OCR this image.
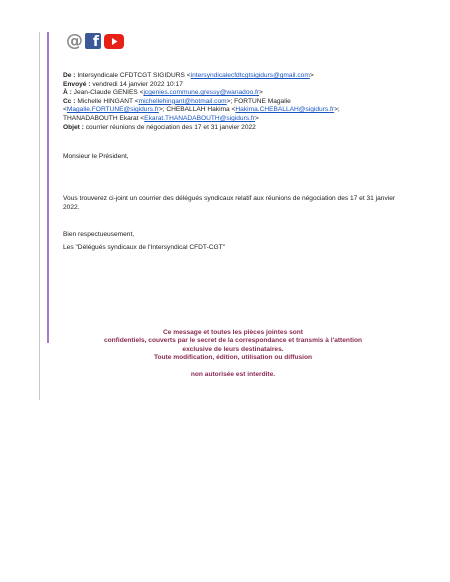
@ f
De : Intersyndicale CFDTCGT SIGIDURS <intersyndicalecfdtcgtsigidurs@gmail.com>
Envoyé : vendredi 14 janvier 2022 10:17
À : Jean-Claude GENIES <jcgenies.commune.gressy@wanadoo.fr>
Cc : Michelle HINGANT <michellehingant@hotmail.com>; FORTUNE Magalie
<Magalie.FORTUNE@sigidurs.fr>; CHEBALLAH Hakima <Hakima.CHEBALLAH@sigidurs.fr>;
THANADABOUTH Ekarat <Ekarat.THANADABOUTH@sigidurs.fr>
Objet : courrier réunions de négociation des 17 et 31 janvier 2022
Monsieur le Président,
Vous trouverez ci-joint un courrier des délégués syndicaux relatif aux réunions de négociation des 17 et 31 janvier 2022.
Bien respectueusement,
Les "Délégués syndicaux de l'Intersyndical CFDT-CGT"
Ce message et toutes les pièces jointes sont
confidentiels, couverts par le secret de la correspondance et transmis à l'attention
exclusive de leurs destinataires.
Toute modification, édition, utilisation ou diffusion
non autorisée est interdite.
